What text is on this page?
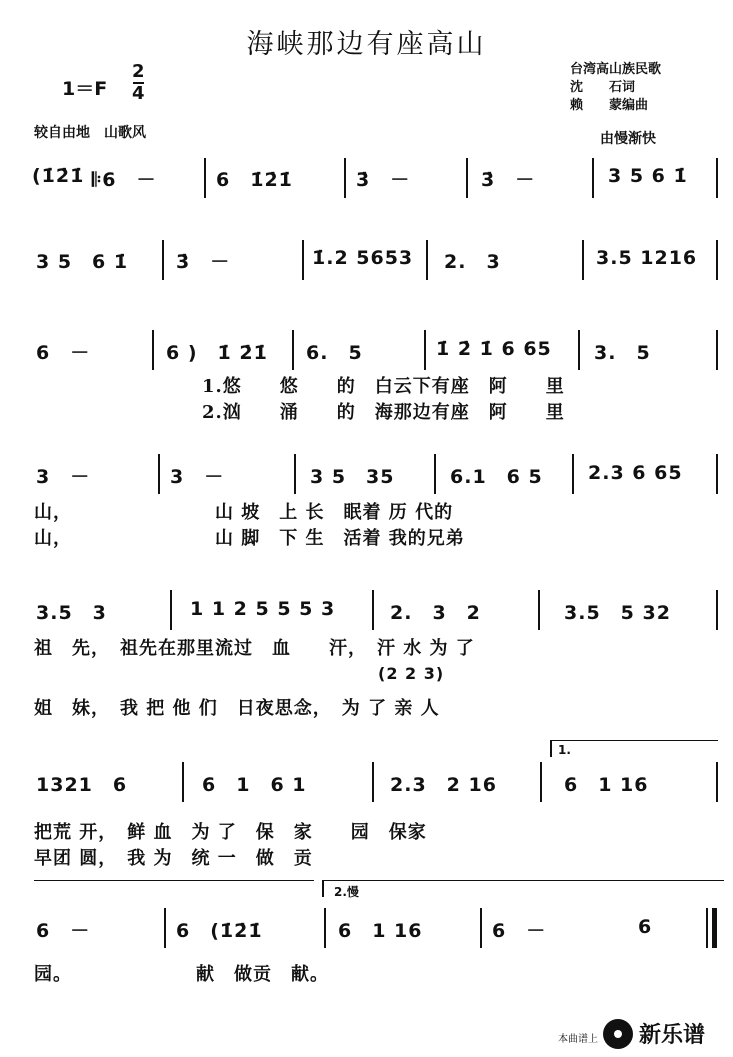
海峡那边有座高山
台湾高山族民歌
沈　　石词
赖　　蒙编曲
1＝F
2
4
较自由地　山歌风	由慢渐快
(1̇2̇1̇ 𝄆6　－	6　1̇2̇1̇	3̇　－	3̇　－	3 5 6 1̇
3 5　6 1̇	3̇　－	1̇.2 5653 2.　3	3.5 1216
6　－	6 )　1̇ 2̇1̇ 6.　5	1̇ 2̇ 1̇ 6 65 3.　5
1.悠　　悠　　的　白云下有座　阿　　里
2.汹　　涌　　的　海那边有座　阿　　里
3　－	3　－	3 5　35	6.1　6 5 2.3 6 65
山，　　　　　　　　山 坡　上 长　眠着 历 代的
山，　　　　　　　　山 脚　下 生　活着 我的兄弟
3.5　3	1 1 2 5 5 5 3	2.　3　2	3.5　5 32
祖　先，　祖先在那里流过　血　　汗，　汗 水 为 了
(2 2 3)
姐　妹，　我 把 他 们　日夜思念，　为 了 亲 人
1.
1321　6	6　1　6 1	2.3　2 16	6　1 16
把荒 开，　鲜 血　为 了　保　家　　园　保家
早团 圆，　我 为　统 一　做　贡
2.慢
6　－	6　(1̇2̇1̇	6　1 16	6　－	6
园。　　　　　　　献　做贡　献。
本曲谱上 新乐谱
